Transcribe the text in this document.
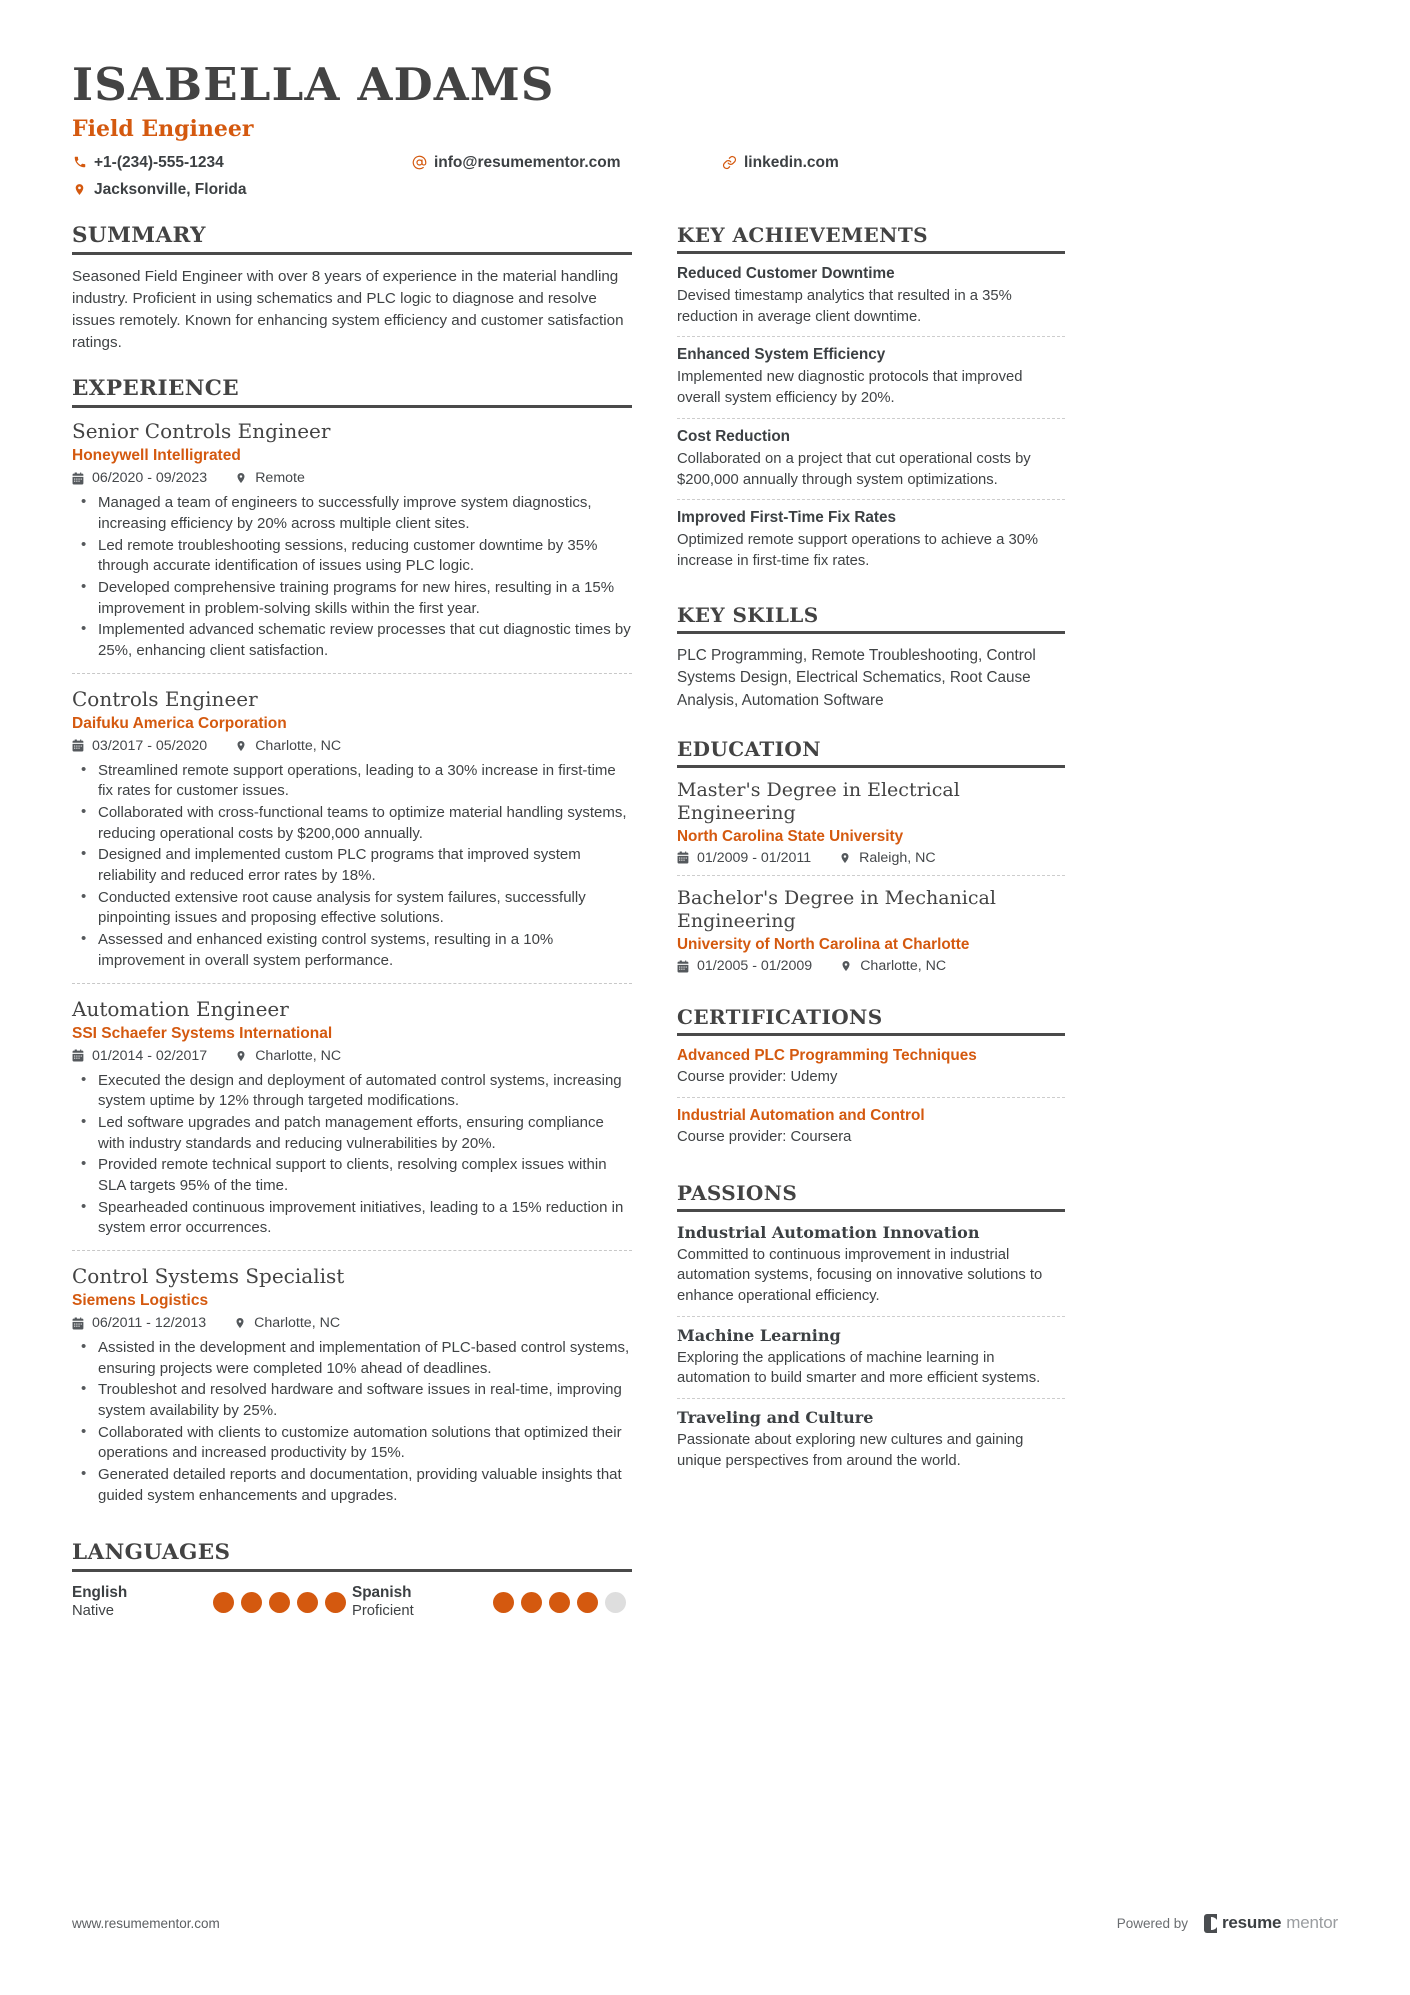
ISABELLA ADAMS
Field Engineer
+1-(234)-555-1234
Jacksonville, Florida
info@resumementor.com	linkedin.com
SUMMARY
Seasoned Field Engineer with over 8 years of experience in the material handling industry. Proficient in using schematics and PLC logic to diagnose and resolve issues remotely. Known for enhancing system efficiency and customer satisfaction ratings.
EXPERIENCE
Senior Controls Engineer
Honeywell Intelligrated
06/2020 - 09/2023	Remote
• Managed a team of engineers to successfully improve system diagnostics, increasing efficiency by 20% across multiple client sites.
• Led remote troubleshooting sessions, reducing customer downtime by 35% through accurate identification of issues using PLC logic.
• Developed comprehensive training programs for new hires, resulting in a 15% improvement in problem-solving skills within the first year.
• Implemented advanced schematic review processes that cut diagnostic times by 25%, enhancing client satisfaction.
Controls Engineer
Daifuku America Corporation
03/2017 - 05/2020	Charlotte, NC
• Streamlined remote support operations, leading to a 30% increase in first-time fix rates for customer issues.
• Collaborated with cross-functional teams to optimize material handling systems, reducing operational costs by $200,000 annually.
• Designed and implemented custom PLC programs that improved system reliability and reduced error rates by 18%.
• Conducted extensive root cause analysis for system failures, successfully pinpointing issues and proposing effective solutions.
• Assessed and enhanced existing control systems, resulting in a 10% improvement in overall system performance.
Automation Engineer
SSI Schaefer Systems International
01/2014 - 02/2017	Charlotte, NC
• Executed the design and deployment of automated control systems, increasing system uptime by 12% through targeted modifications.
• Led software upgrades and patch management efforts, ensuring compliance with industry standards and reducing vulnerabilities by 20%.
• Provided remote technical support to clients, resolving complex issues within SLA targets 95% of the time.
• Spearheaded continuous improvement initiatives, leading to a 15% reduction in system error occurrences.
Control Systems Specialist
Siemens Logistics
06/2011 - 12/2013	Charlotte, NC
• Assisted in the development and implementation of PLC-based control systems, ensuring projects were completed 10% ahead of deadlines.
• Troubleshot and resolved hardware and software issues in real-time, improving system availability by 25%.
• Collaborated with clients to customize automation solutions that optimized their operations and increased productivity by 15%.
• Generated detailed reports and documentation, providing valuable insights that guided system enhancements and upgrades.
LANGUAGES
English
Native
Spanish
Proficient
KEY ACHIEVEMENTS
Reduced Customer Downtime
Devised timestamp analytics that resulted in a 35% reduction in average client downtime.
Enhanced System Efficiency
Implemented new diagnostic protocols that improved overall system efficiency by 20%.
Cost Reduction
Collaborated on a project that cut operational costs by $200,000 annually through system optimizations.
Improved First-Time Fix Rates
Optimized remote support operations to achieve a 30% increase in first-time fix rates.
KEY SKILLS
PLC Programming, Remote Troubleshooting, Control Systems Design, Electrical Schematics, Root Cause Analysis, Automation Software
EDUCATION
Master's Degree in Electrical Engineering
North Carolina State University
01/2009 - 01/2011	Raleigh, NC
Bachelor's Degree in Mechanical Engineering
University of North Carolina at Charlotte
01/2005 - 01/2009	Charlotte, NC
CERTIFICATIONS
Advanced PLC Programming Techniques
Course provider: Udemy
Industrial Automation and Control
Course provider: Coursera
PASSIONS
Industrial Automation Innovation
Committed to continuous improvement in industrial automation systems, focusing on innovative solutions to enhance operational efficiency.
Machine Learning
Exploring the applications of machine learning in automation to build smarter and more efficient systems.
Traveling and Culture
Passionate about exploring new cultures and gaining unique perspectives from around the world.
www.resumementor.com	Powered by resume mentor
